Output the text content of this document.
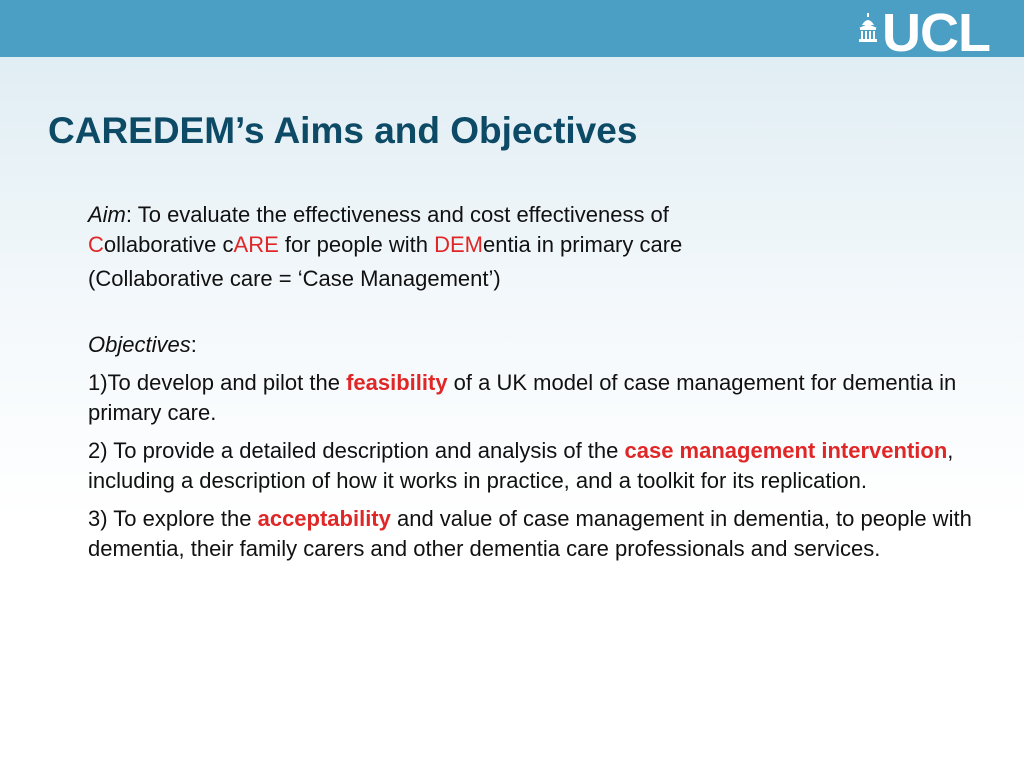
UCL
CAREDEM’s Aims and Objectives

Aim: To evaluate the effectiveness and cost effectiveness of
Collaborative cARE for people with DEMentia in primary care

(Collaborative care = ‘Case Management’)

Objectives:

1)To develop and pilot the feasibility of a UK model of case management for dementia in primary care.

2) To provide a detailed description and analysis of the case management intervention, including a description of how it works in practice, and a toolkit for its replication.

3) To explore the acceptability and value of case management in dementia, to people with dementia, their family carers and other dementia care professionals and services.
